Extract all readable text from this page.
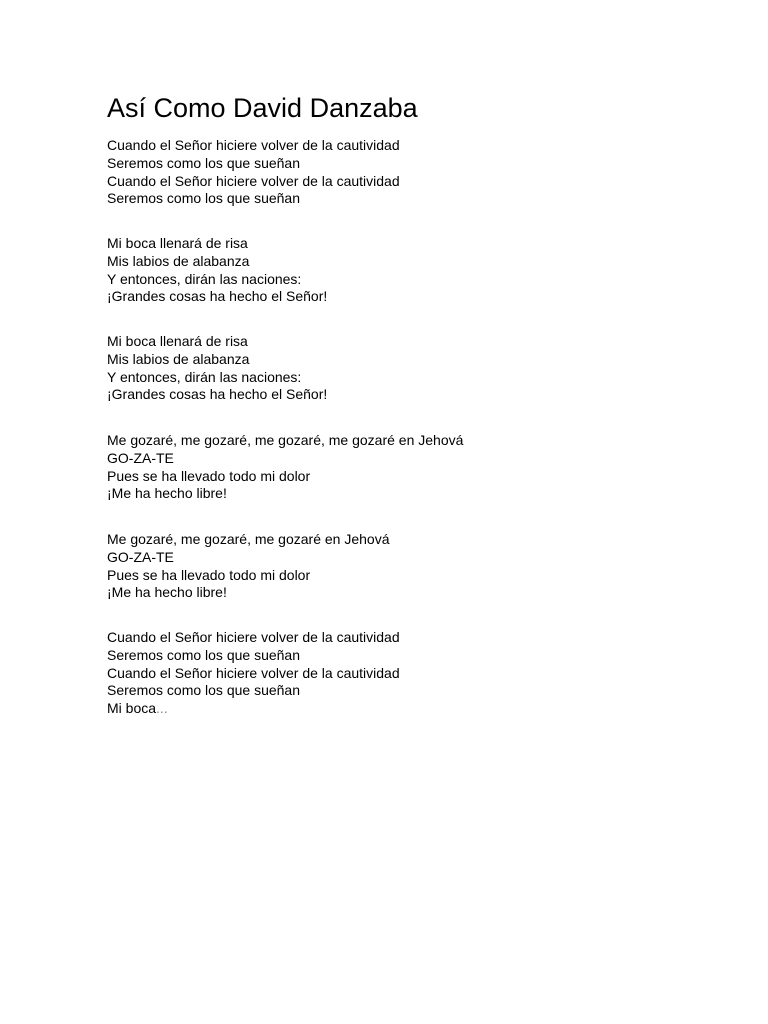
Así Como David Danzaba
Cuando el Señor hiciere volver de la cautividad
Seremos como los que sueñan
Cuando el Señor hiciere volver de la cautividad
Seremos como los que sueñan
Mi boca llenará de risa
Mis labios de alabanza
Y entonces, dirán las naciones:
¡Grandes cosas ha hecho el Señor!
Mi boca llenará de risa
Mis labios de alabanza
Y entonces, dirán las naciones:
¡Grandes cosas ha hecho el Señor!
Me gozaré, me gozaré, me gozaré, me gozaré en Jehová
GO-ZA-TE
Pues se ha llevado todo mi dolor
¡Me ha hecho libre!
Me gozaré, me gozaré, me gozaré en Jehová
GO-ZA-TE
Pues se ha llevado todo mi dolor
¡Me ha hecho libre!
Cuando el Señor hiciere volver de la cautividad
Seremos como los que sueñan
Cuando el Señor hiciere volver de la cautividad
Seremos como los que sueñan
Mi boca...
